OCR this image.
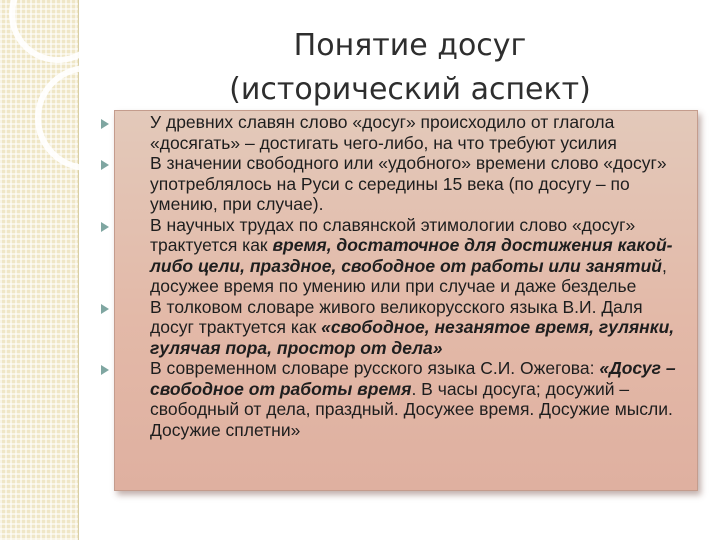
Понятие досуг
(исторический аспект)
У древних славян слово «досуг» происходило от глагола «досягать» – достигать чего-либо, на что требуют усилия
В значении свободного или «удобного» времени слово «досуг» употреблялось на Руси с середины 15 века (по досугу – по умению, при случае).
В научных трудах по славянской этимологии слово «досуг» трактуется как время, достаточное для достижения какой-либо цели, праздное, свободное от работы или занятий, досужее время по умению или при случае и даже безделье
В толковом словаре живого великорусского языка В.И. Даля досуг трактуется как «свободное, незанятое время, гулянки, гулячая пора, простор от дела»
В современном словаре русского языка С.И. Ожегова: «Досуг – свободное от работы время. В часы досуга; досужий – свободный от дела, праздный. Досужее время. Досужие мысли. Досужие сплетни»
